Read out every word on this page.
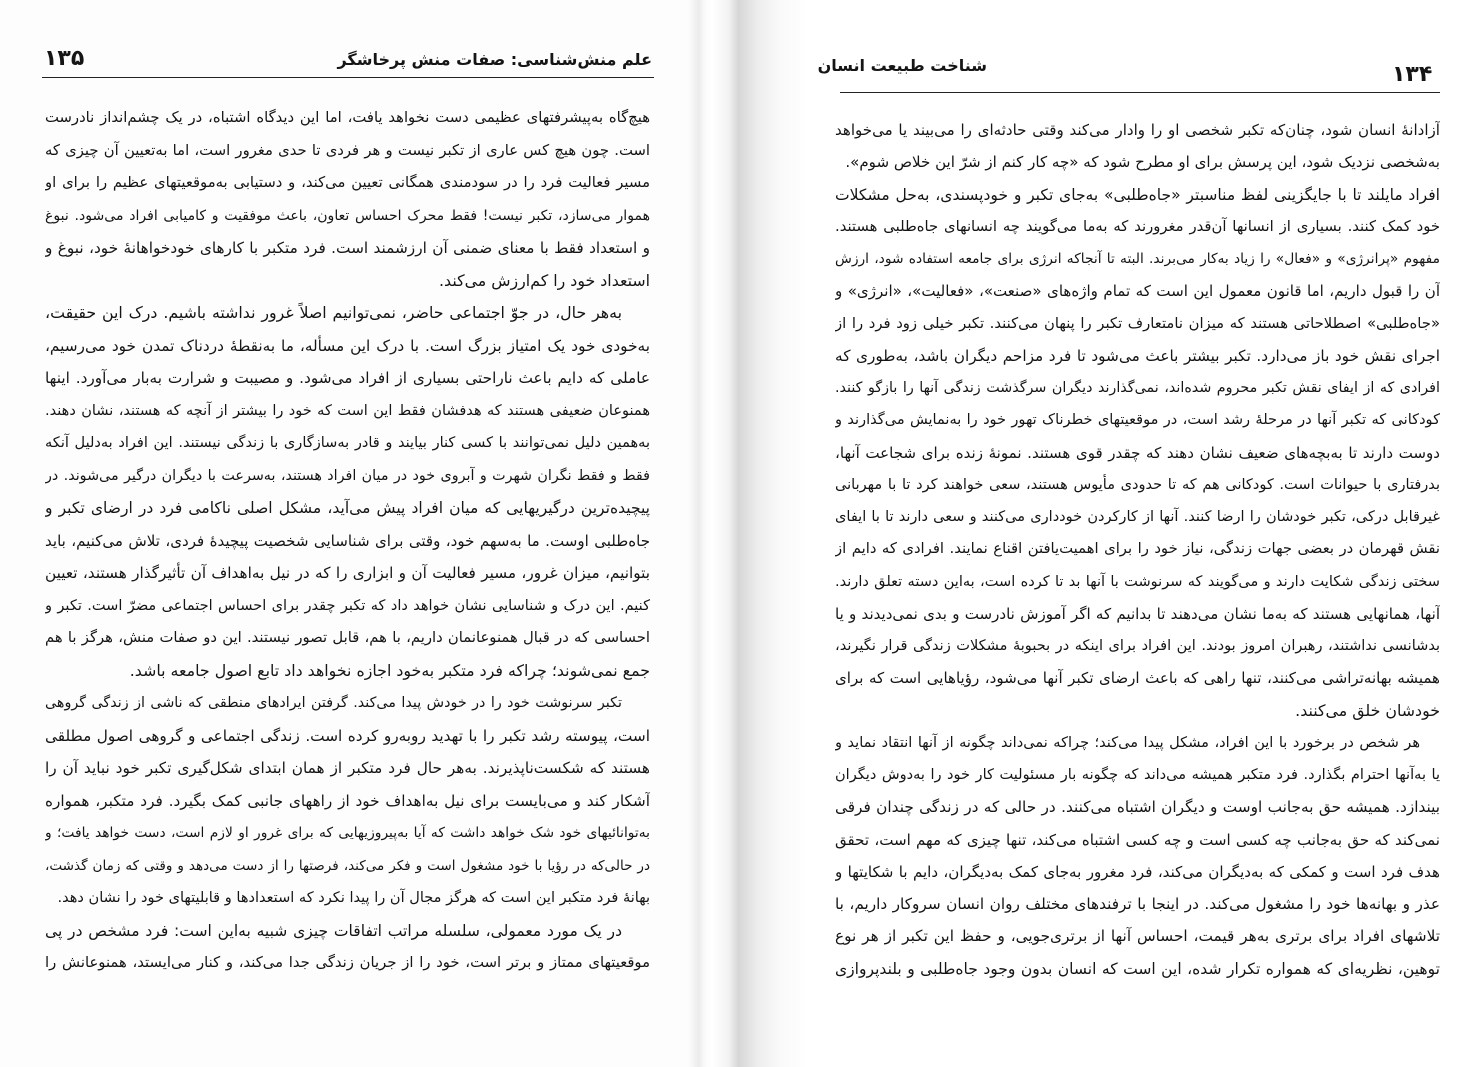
۱۳۵	علم منش‌شناسی: صفات منش پرخاشگر	شناخت طبیعت انسان	۱۳۴
هیچ‌گاه به‌پیشرفتهای عظیمی دست نخواهد یافت، اما این دیدگاه اشتباه، در یک چشم‌انداز نادرست
است. چون هیچ کس عاری از تکبر نیست و هر فردی تا حدی مغرور است، اما به‌تعیین آن چیزی که
مسیر فعالیت فرد را در سودمندی همگانی تعیین می‌کند، و دستیابی به‌موقعیتهای عظیم را برای او
هموار می‌سازد، تکبر نیست! فقط محرک احساس تعاون، باعث موفقیت و کامیابی افراد می‌شود. نبوغ
و استعداد فقط با معنای ضمنی آن ارزشمند است. فرد متکبر با کارهای خودخواهانهٔ خود، نبوغ و
استعداد خود را کم‌ارزش می‌کند.
به‌هر حال، در جوّ اجتماعی حاضر، نمی‌توانیم اصلاً غرور نداشته باشیم. درک این حقیقت،
به‌خودی خود یک امتیاز بزرگ است. با درک این مسأله، ما به‌نقطهٔ دردناک تمدن خود می‌رسیم،
عاملی که دایم باعث ناراحتی بسیاری از افراد می‌شود. و مصیبت و شرارت به‌بار می‌آورد. اینها
همنوعان ضعیفی هستند که هدفشان فقط این است که خود را بیشتر از آنچه که هستند، نشان دهند.
به‌همین دلیل نمی‌توانند با کسی کنار بیایند و قادر به‌سازگاری با زندگی نیستند. این افراد به‌دلیل آنکه
فقط و فقط نگران شهرت و آبروی خود در میان افراد هستند، به‌سرعت با دیگران درگیر می‌شوند. در
پیچیده‌ترین درگیریهایی که میان افراد پیش می‌آید، مشکل اصلی ناکامی فرد در ارضای تکبر و
جاه‌طلبی اوست. ما به‌سهم خود، وقتی برای شناسایی شخصیت پیچیدهٔ فردی، تلاش می‌کنیم، باید
بتوانیم، میزان غرور، مسیر فعالیت آن و ابزاری را که در نیل به‌اهداف آن تأثیرگذار هستند، تعیین
کنیم. این درک و شناسایی نشان خواهد داد که تکبر چقدر برای احساس اجتماعی مضرّ است. تکبر و
احساسی که در قبال همنوعانمان داریم، با هم، قابل تصور نیستند. این دو صفات منش، هرگز با هم
جمع نمی‌شوند؛ چراکه فرد متکبر به‌خود اجازه نخواهد داد تابع اصول جامعه باشد.
تکبر سرنوشت خود را در خودش پیدا می‌کند. گرفتن ایرادهای منطقی که ناشی از زندگی گروهی
است، پیوسته رشد تکبر را با تهدید روبه‌رو کرده است. زندگی اجتماعی و گروهی اصول مطلقی
هستند که شکست‌ناپذیرند. به‌هر حال فرد متکبر از همان ابتدای شکل‌گیری تکبر خود نباید آن را
آشکار کند و می‌بایست برای نیل به‌اهداف خود از راههای جانبی کمک بگیرد. فرد متکبر، همواره
به‌توانائیهای خود شک خواهد داشت که آیا به‌پیروزیهایی که برای غرور او لازم است، دست خواهد یافت؛ و
در حالی‌که در رؤیا با خود مشغول است و فکر می‌کند، فرصتها را از دست می‌دهد و وقتی که زمان گذشت،
بهانهٔ فرد متکبر این است که هرگز مجال آن را پیدا نکرد که استعدادها و قابلیتهای خود را نشان دهد.
در یک مورد معمولی، سلسله مراتب اتفاقات چیزی شبیه به‌این است: فرد مشخص در پی
موقعیتهای ممتاز و برتر است، خود را از جریان زندگی جدا می‌کند، و کنار می‌ایستد، همنوعانش را
آزادانهٔ انسان شود، چنان‌که تکبر شخصی او را وادار می‌کند وقتی حادثه‌ای را می‌بیند یا می‌خواهد
به‌شخصی نزدیک شود، این پرسش برای او مطرح شود که «چه کار کنم از شرّ این خلاص شوم».
افراد مایلند تا با جایگزینی لفظ مناسبتر «جاه‌طلبی» به‌جای تکبر و خودپسندی، به‌حل مشکلات
خود کمک کنند. بسیاری از انسانها آن‌قدر مغرورند که به‌ما می‌گویند چه انسانهای جاه‌طلبی هستند.
مفهوم «پرانرژی» و «فعال» را زیاد به‌کار می‌برند. البته تا آنجاکه انرژی برای جامعه استفاده شود، ارزش
آن را قبول داریم، اما قانون معمول این است که تمام واژه‌های «صنعت»، «فعالیت»، «انرژی» و
«جاه‌طلبی» اصطلاحاتی هستند که میزان نامتعارف تکبر را پنهان می‌کنند. تکبر خیلی زود فرد را از
اجرای نقش خود باز می‌دارد. تکبر بیشتر باعث می‌شود تا فرد مزاحم دیگران باشد، به‌طوری که
افرادی که از ایفای نقش تکبر محروم شده‌اند، نمی‌گذارند دیگران سرگذشت زندگی آنها را بازگو کنند.
کودکانی که تکبر آنها در مرحلهٔ رشد است، در موقعیتهای خطرناک تهور خود را به‌نمایش می‌گذارند و
دوست دارند تا به‌بچه‌های ضعیف نشان دهند که چقدر قوی هستند. نمونهٔ زنده برای شجاعت آنها،
بدرفتاری با حیوانات است. کودکانی هم که تا حدودی مأیوس هستند، سعی خواهند کرد تا با مهربانی
غیرقابل درکی، تکبر خودشان را ارضا کنند. آنها از کارکردن خودداری می‌کنند و سعی دارند تا با ایفای
نقش قهرمان در بعضی جهات زندگی، نیاز خود را برای اهمیت‌یافتن اقناع نمایند. افرادی که دایم از
سختی زندگی شکایت دارند و می‌گویند که سرنوشت با آنها بد تا کرده است، به‌این دسته تعلق دارند.
آنها، همانهایی هستند که به‌ما نشان می‌دهند تا بدانیم که اگر آموزش نادرست و بدی نمی‌دیدند و یا
بدشانسی نداشتند، رهبران امروز بودند. این افراد برای اینکه در بحبوبهٔ مشکلات زندگی قرار نگیرند،
همیشه بهانه‌تراشی می‌کنند، تنها راهی که باعث ارضای تکبر آنها می‌شود، رؤیاهایی است که برای
خودشان خلق می‌کنند.
هر شخص در برخورد با این افراد، مشکل پیدا می‌کند؛ چراکه نمی‌داند چگونه از آنها انتقاد نماید و
یا به‌آنها احترام بگذارد. فرد متکبر همیشه می‌داند که چگونه بار مسئولیت کار خود را به‌دوش دیگران
بیندازد. همیشه حق به‌جانب اوست و دیگران اشتباه می‌کنند. در حالی که در زندگی چندان فرقی
نمی‌کند که حق به‌جانب چه کسی است و چه کسی اشتباه می‌کند، تنها چیزی که مهم است، تحقق
هدف فرد است و کمکی که به‌دیگران می‌کند، فرد مغرور به‌جای کمک به‌دیگران، دایم با شکایتها و
عذر و بهانه‌ها خود را مشغول می‌کند. در اینجا با ترفندهای مختلف روان انسان سروکار داریم، با
تلاشهای افراد برای برتری به‌هر قیمت، احساس آنها از برتری‌جویی، و حفظ این تکبر از هر نوع
توهین، نظریه‌ای که همواره تکرار شده، این است که انسان بدون وجود جاه‌طلبی و بلندپروازی
